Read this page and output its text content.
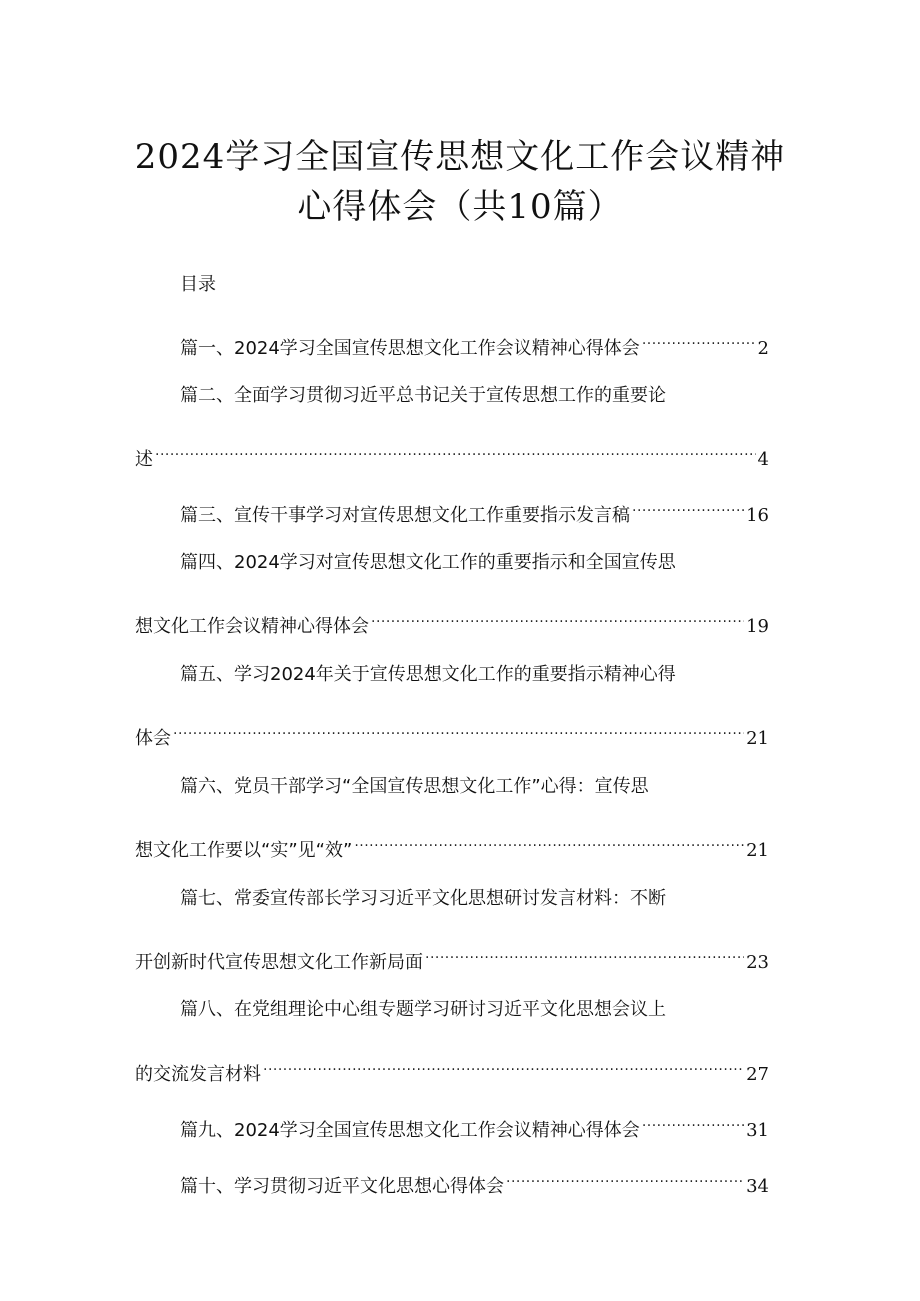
2024学习全国宣传思想文化工作会议精神
心得体会（共10篇）
目录
篇一、2024学习全国宣传思想文化工作会议精神心得体会 .....	2
篇二、全面学习贯彻习近平总书记关于宣传思想工作的重要论
述 .....	4
篇三、宣传干事学习对宣传思想文化工作重要指示发言稿 .....	16
篇四、2024学习对宣传思想文化工作的重要指示和全国宣传思
想文化工作会议精神心得体会 .....	19
篇五、学习2024年关于宣传思想文化工作的重要指示精神心得
体会 .....	21
篇六、党员干部学习“全国宣传思想文化工作”心得：宣传思
想文化工作要以“实”见“效” .....	21
篇七、常委宣传部长学习习近平文化思想研讨发言材料：不断
开创新时代宣传思想文化工作新局面 .....	23
篇八、在党组理论中心组专题学习研讨习近平文化思想会议上
的交流发言材料 .....	27
篇九、2024学习全国宣传思想文化工作会议精神心得体会 .....	31
篇十、学习贯彻习近平文化思想心得体会 .....	34
